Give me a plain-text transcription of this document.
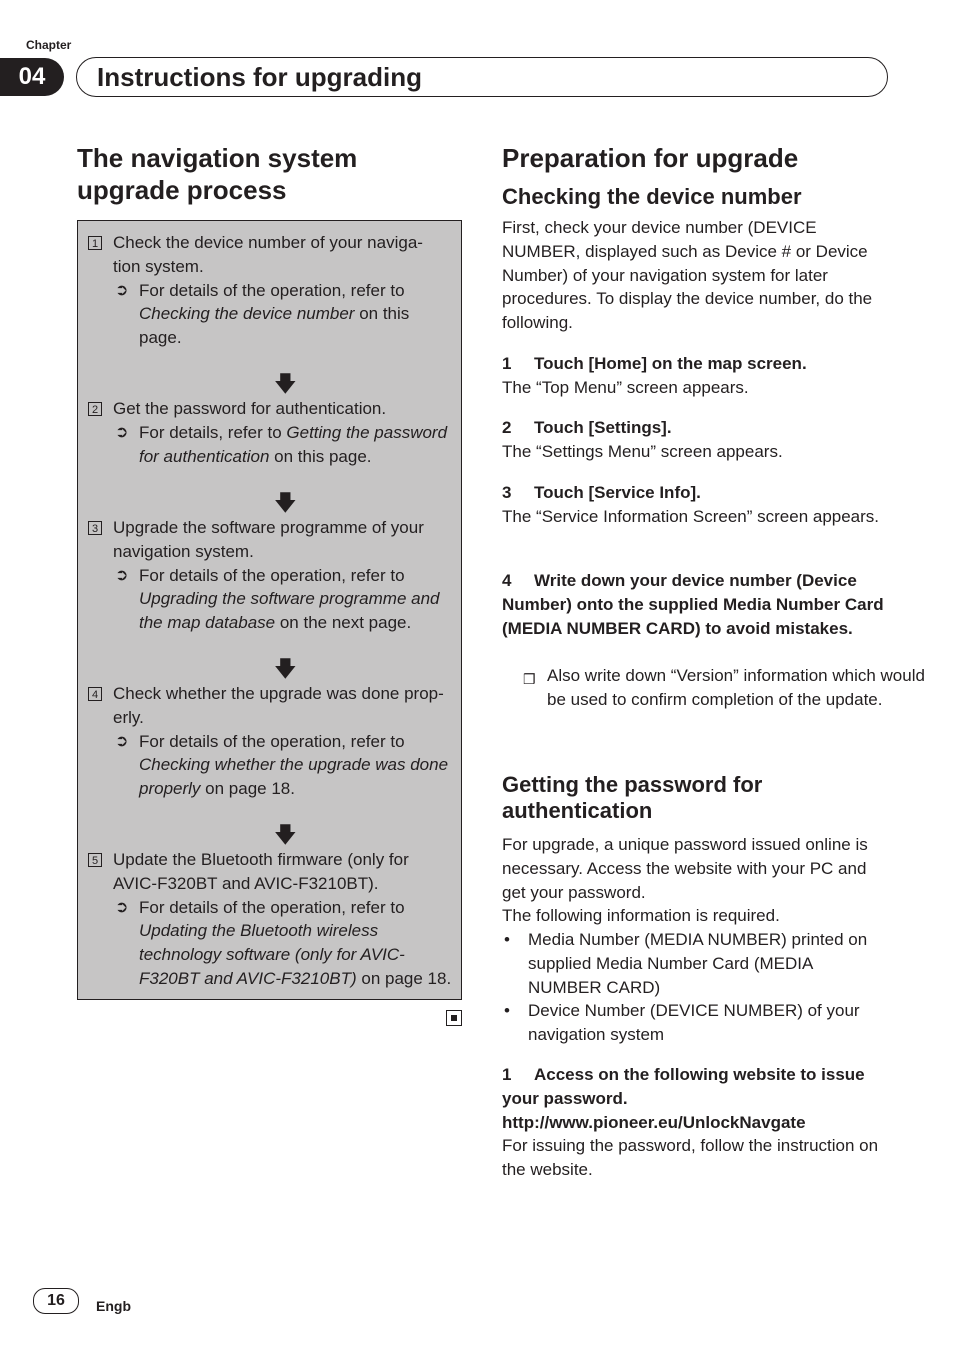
Chapter
04	Instructions for upgrading
The navigation system
upgrade process
1 Check the device number of your naviga-
tion system.
➲ For details of the operation, refer to Checking the device number on this page.
🡇
2 Get the password for authentication.
➲ For details, refer to Getting the password for authentication on this page.
🡇
3 Upgrade the software programme of your
navigation system.
➲ For details of the operation, refer to Upgrading the software programme and the map database on the next page.
🡇
4 Check whether the upgrade was done prop-
erly.
➲ For details of the operation, refer to Checking whether the upgrade was done properly on page 18.
🡇
5 Update the Bluetooth firmware (only for
AVIC-F320BT and AVIC-F3210BT).
➲ For details of the operation, refer to Updating the Bluetooth wireless technology software (only for AVIC-F320BT and AVIC-F3210BT) on page 18.
Preparation for upgrade
Checking the device number

First, check your device number (DEVICE NUMBER, displayed such as Device # or Device Number) of your navigation system for later procedures. To display the device number, do the following.

1 Touch [Home] on the map screen.
The “Top Menu” screen appears.
2 Touch [Settings].
The “Settings Menu” screen appears.
3 Touch [Service Info].
The “Service Information Screen” screen appears.
4 Write down your device number (Device Number) onto the supplied Media Number Card (MEDIA NUMBER CARD) to avoid mistakes.
❒ Also write down “Version” information which would be used to confirm completion of the update.
Getting the password for
authentication

For upgrade, a unique password issued online is necessary. Access the website with your PC and get your password.

The following information is required.

• Media Number (MEDIA NUMBER) printed on supplied Media Number Card (MEDIA NUMBER CARD)
• Device Number (DEVICE NUMBER) of your navigation system
1 Access on the following website to issue your password.
http://www.pioneer.eu/UnlockNavgate
For issuing the password, follow the instruction on the website.
16	Engb
